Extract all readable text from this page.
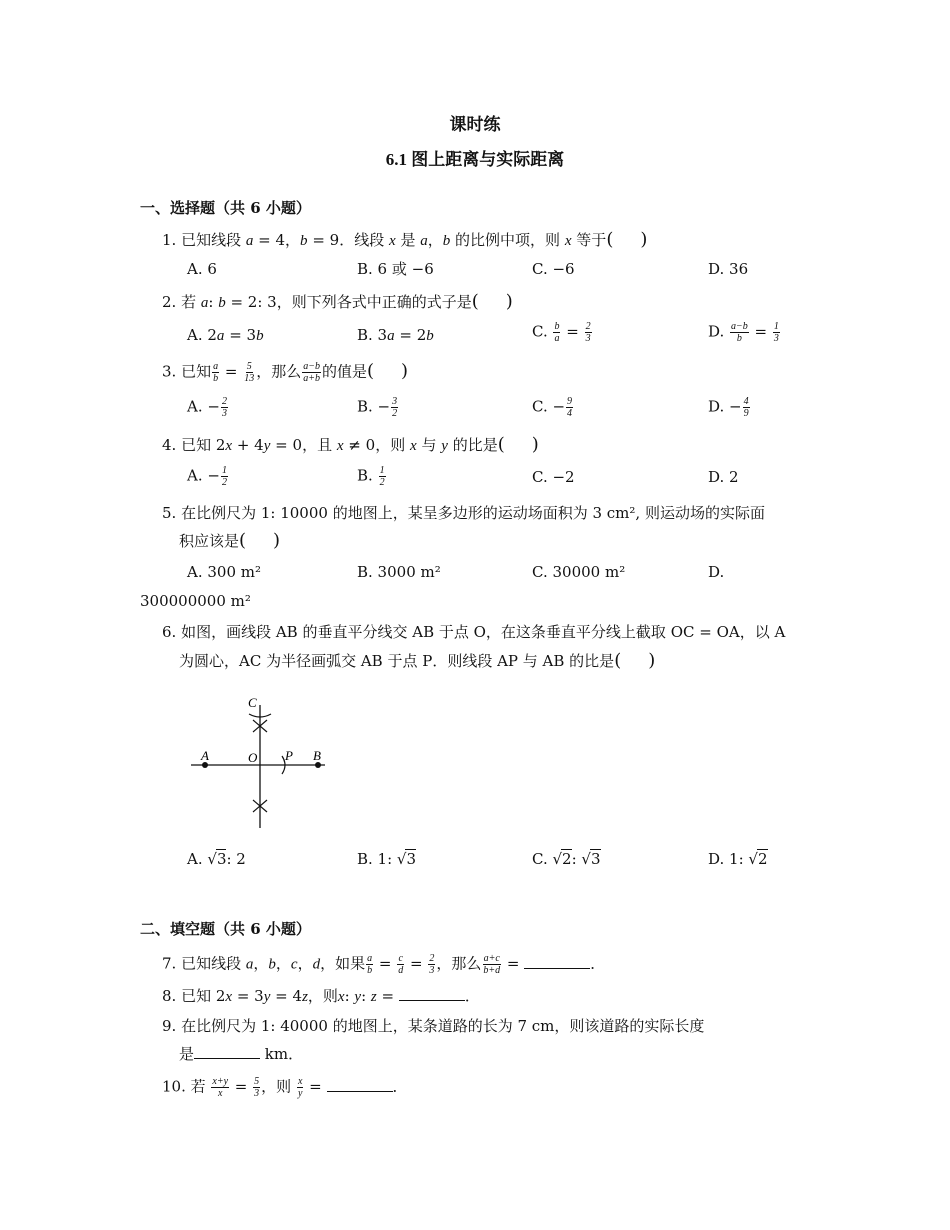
课时练
6.1 图上距离与实际距离
一、选择题（共 6 小题）
1. 已知线段 a = 4，b = 9．线段 x 是 a，b 的比例中项，则 x 等于(  )
A. 6	B. 6 或 −6	C. −6	D. 36
2. 若 a: b = 2: 3，则下列各式中正确的式子是(  )
A. 2a = 3b	B. 3a = 2b	C. $\frac{b}{a} = \frac{2}{3}$	D. $\frac{a-b}{b} = \frac{1}{3}$
3. 已知 $\frac{a}{b} = \frac{5}{13}$ ，那么 $\frac{a-b}{a+b}$ 的值是(  )
A. − $\frac{2}{3}$	B. − $\frac{3}{2}$	C. − $\frac{9}{4}$	D. − $\frac{4}{9}$
4. 已知 2x + 4y = 0，且 x ≠ 0，则 x 与 y 的比是(  )
A. − $\frac{1}{2}$	B. $\frac{1}{2}$	C. −2	D. 2
5. 在比例尺为 1: 10000 的地图上，某呈多边形的运动场面积为 3 cm², 则运动场的实际面
积应该是(  )
A. 300 m²	B. 3000 m²	C. 30000 m²	D.
300000000 m²
6. 如图，画线段 AB 的垂直平分线交 AB 于点 O，在这条垂直平分线上截取 OC = OA，以 A
为圆心，AC 为半径画弧交 AB 于点 P．则线段 AP 与 AB 的比是(  )
A	B
C
O P
A. √3: 2	B. 1: √3	C. √2: √3	D. 1: √2
二、填空题（共 6 小题）
7. 已知线段 a，b，c，d，如果 $\frac{a}{b} = \frac{c}{d} = \frac{2}{3}$ ，那么 $\frac{a+c}{b+d}$ =	．
8. 已知 2x = 3y = 4z，则x: y: z =	．
9. 在比例尺为 1: 40000 的地图上，某条道路的长为 7 cm，则该道路的实际长度
是	km．
10. 若 $\frac{x+y}{x} = \frac{5}{3}$ ，则 $\frac{x}{y}$ =	．
